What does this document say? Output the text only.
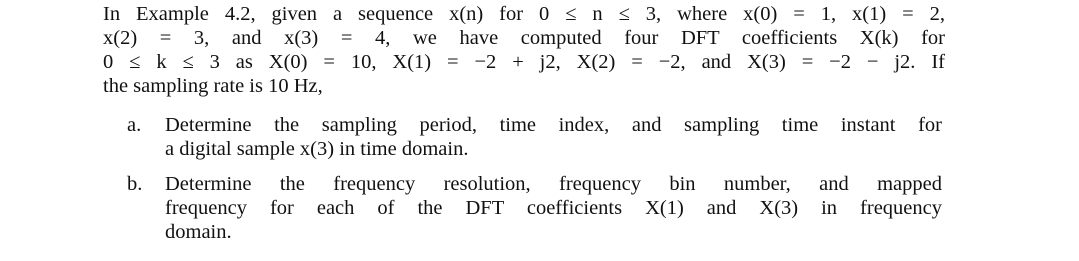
In Example 4.2, given a sequence x(n) for 0 ≤ n ≤ 3, where x(0) = 1, x(1) = 2,
x(2) = 3, and x(3) = 4, we have computed four DFT coefficients X(k) for
0 ≤ k ≤ 3 as X(0) = 10, X(1) = −2 + j2, X(2) = −2, and X(3) = −2 − j2. If
the sampling rate is 10 Hz,
a. Determine the sampling period, time index, and sampling time instant for
a digital sample x(3) in time domain.
b. Determine the frequency resolution, frequency bin number, and mapped
frequency for each of the DFT coefficients X(1) and X(3) in frequency
domain.
